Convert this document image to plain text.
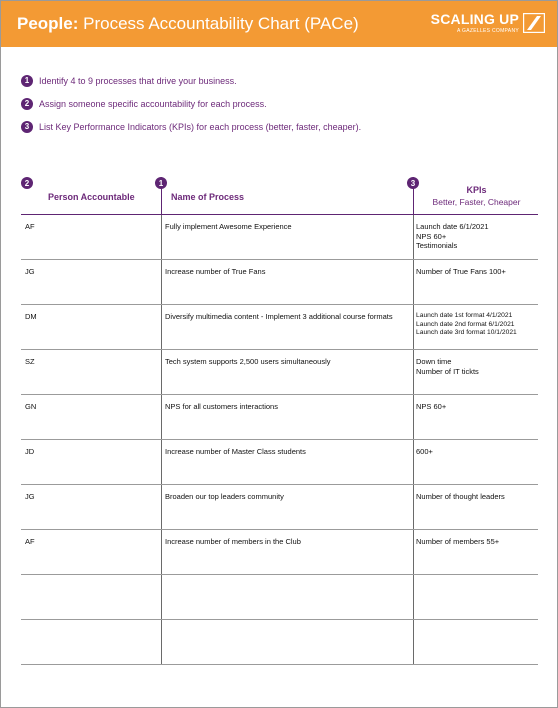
People: Process Accountability Chart (PACe)	SCALING UP
A GAZELLES COMPANY
1	Identify 4 to 9 processes that drive your business.
2	Assign someone specific accountability for each process.
3	List Key Performance Indicators (KPIs) for each process (better, faster, cheaper).
2
Person Accountable
1
Name of Process
3
KPIs
Better, Faster, Cheaper
AF	Fully implement Awesome Experience	Launch date 6/1/2021
NPS 60+
Testimonials
JG	Increase number of True Fans	Number of True Fans 100+
DM	Diversify multimedia content - Implement 3 additional course formats	Launch date 1st format 4/1/2021
Launch date 2nd format 6/1/2021
Launch date 3rd format 10/1/2021
SZ	Tech system supports 2,500 users simultaneously	Down time
Number of IT tickts
GN	NPS for all customers interactions	NPS 60+
JD	Increase number of Master Class students	600+
JG	Broaden our top leaders community	Number of thought leaders
AF	Increase number of members in the Club	Number of members 55+
